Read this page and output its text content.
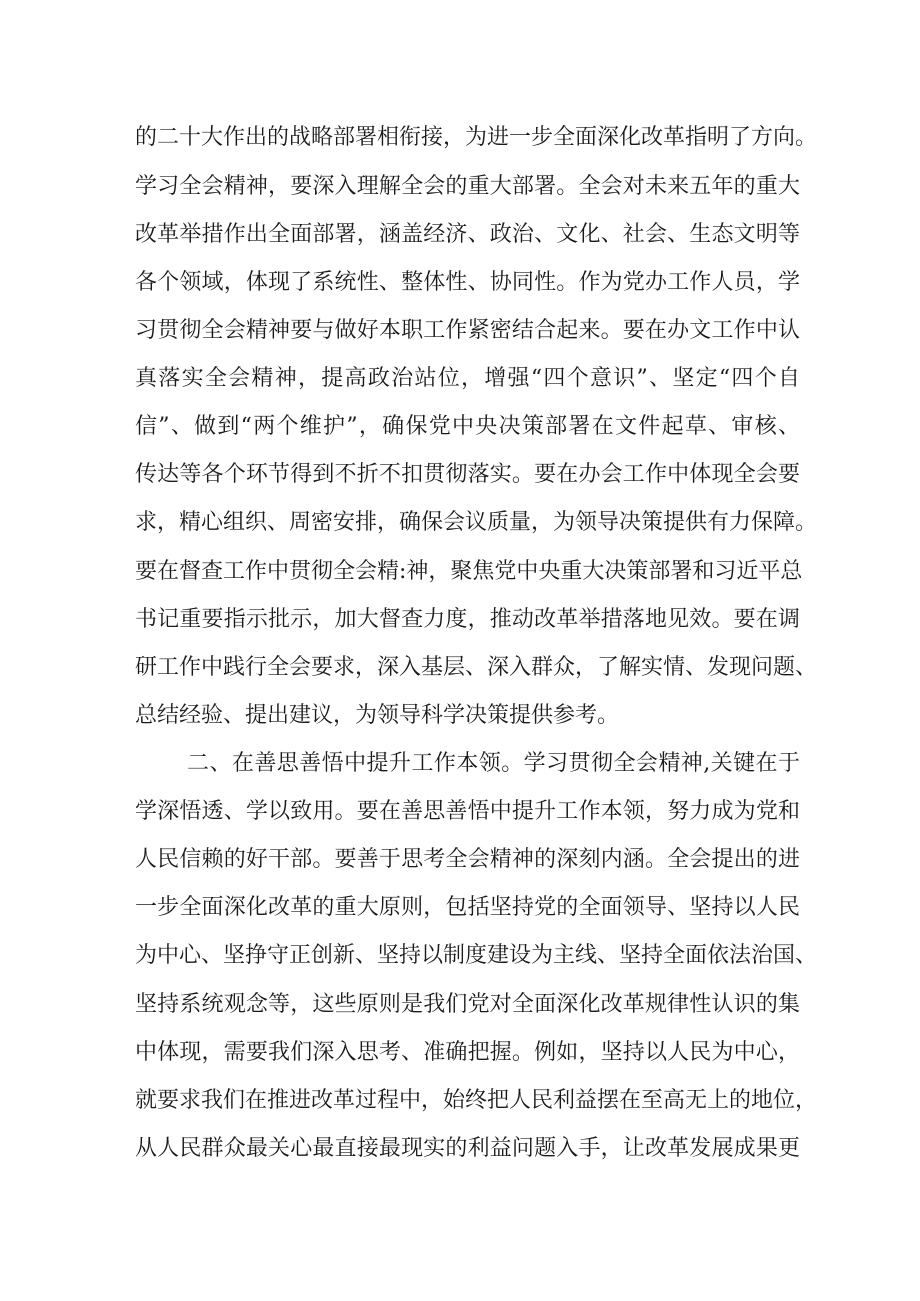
的二十大作出的战略部署相衔接，为进一步全面深化改革指明了方向。
学习全会精神，要深入理解全会的重大部署。全会对未来五年的重大
改革举措作出全面部署，涵盖经济、政治、文化、社会、生态文明等
各个领域，体现了系统性、整体性、协同性。作为党办工作人员，学
习贯彻全会精神要与做好本职工作紧密结合起来。要在办文工作中认
真落实全会精神，提高政治站位，增强“四个意识”、坚定“四个自
信”、做到“两个维护”，确保党中央决策部署在文件起草、审核、
传达等各个环节得到不折不扣贯彻落实。要在办会工作中体现全会要
求，精心组织、周密安排，确保会议质量，为领导决策提供有力保障。
要在督查工作中贯彻全会精:神，聚焦党中央重大决策部署和习近平总
书记重要指示批示，加大督查力度，推动改革举措落地见效。要在调
研工作中践行全会要求，深入基层、深入群众，了解实情、发现问题、
总结经验、提出建议，为领导科学决策提供参考。
二、在善思善悟中提升工作本领。学习贯彻全会精神,关键在于
学深悟透、学以致用。要在善思善悟中提升工作本领，努力成为党和
人民信赖的好干部。要善于思考全会精神的深刻内涵。全会提出的进
一步全面深化改革的重大原则，包括坚持党的全面领导、坚持以人民
为中心、坚挣守正创新、坚持以制度建设为主线、坚持全面依法治国、
坚持系统观念等，这些原则是我们党对全面深化改革规律性认识的集
中体现，需要我们深入思考、准确把握。例如，坚持以人民为中心，
就要求我们在推进改革过程中，始终把人民利益摆在至高无上的地位，
从人民群众最关心最直接最现实的利益问题入手，让改革发展成果更
